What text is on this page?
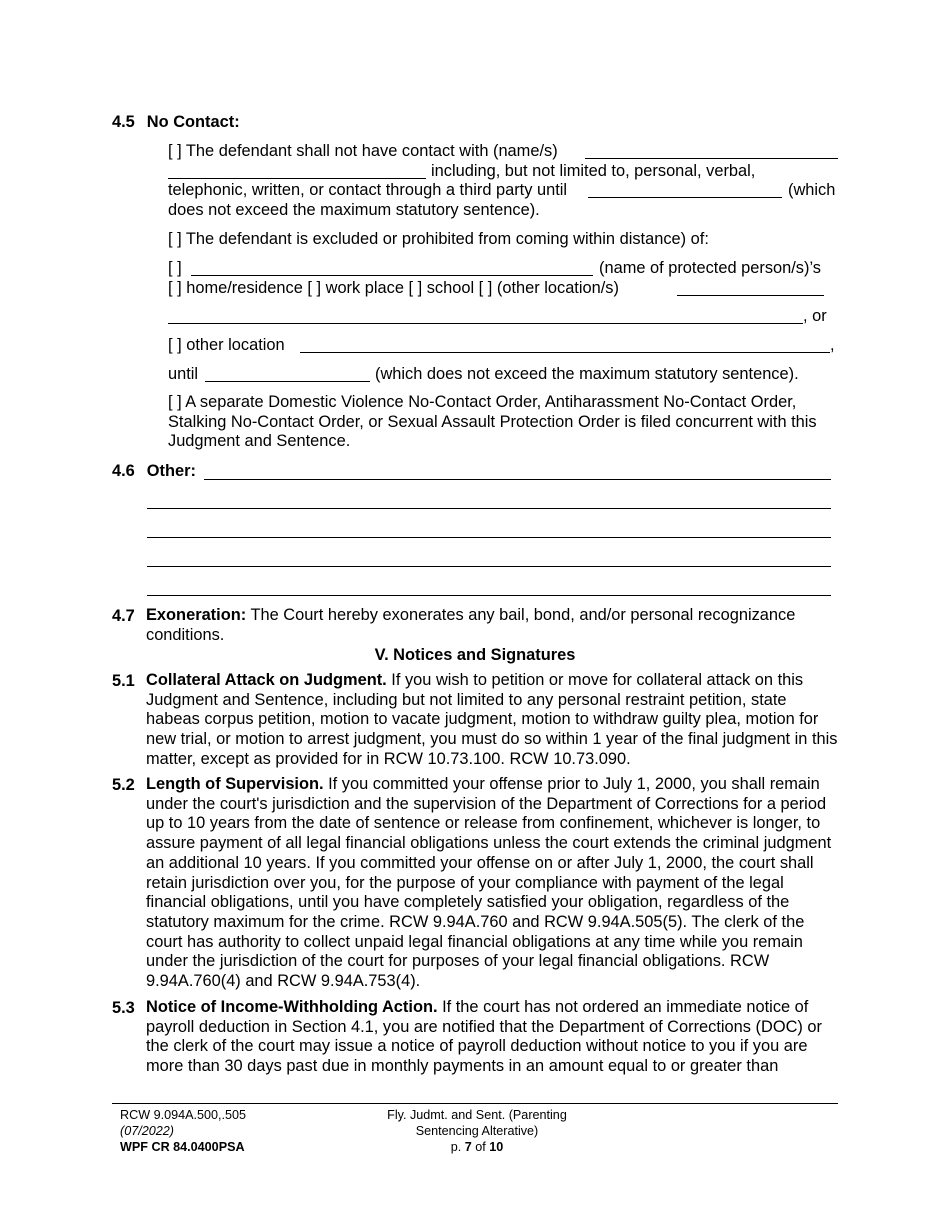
4.5 No Contact:
[ ] The defendant shall not have contact with (name/s)
including, but not limited to, personal, verbal,
telephonic, written, or contact through a third party until	(which
does not exceed the maximum statutory sentence).
[ ] The defendant is excluded or prohibited from coming within distance) of:
[ ]	(name of protected person/s)’s
[ ] home/residence [ ] work place [ ] school [ ] (other location/s)
, or
[ ] other location	,
until	(which does not exceed the maximum statutory sentence).

[ ] A separate Domestic Violence No-Contact Order, Antiharassment No-Contact Order, Stalking No-Contact Order, or Sexual Assault Protection Order is filed concurrent with this Judgment and Sentence.

4.6 Other:
4.7 Exoneration: The Court hereby exonerates any bail, bond, and/or personal recognizance conditions.

V. Notices and Signatures
5.1 Collateral Attack on Judgment. If you wish to petition or move for collateral attack on this Judgment and Sentence, including but not limited to any personal restraint petition, state habeas corpus petition, motion to vacate judgment, motion to withdraw guilty plea, motion for new trial, or motion to arrest judgment, you must do so within 1 year of the final judgment in this matter, except as provided for in RCW 10.73.100. RCW 10.73.090.

5.2 Length of Supervision. If you committed your offense prior to July 1, 2000, you shall remain under the court's jurisdiction and the supervision of the Department of Corrections for a period up to 10 years from the date of sentence or release from confinement, whichever is longer, to assure payment of all legal financial obligations unless the court extends the criminal judgment an additional 10 years. If you committed your offense on or after July 1, 2000, the court shall retain jurisdiction over you, for the purpose of your compliance with payment of the legal financial obligations, until you have completely satisfied your obligation, regardless of the statutory maximum for the crime. RCW 9.94A.760 and RCW 9.94A.505(5). The clerk of the court has authority to collect unpaid legal financial obligations at any time while you remain under the jurisdiction of the court for purposes of your legal financial obligations. RCW 9.94A.760(4) and RCW 9.94A.753(4).

5.3 Notice of Income-Withholding Action. If the court has not ordered an immediate notice of payroll deduction in Section 4.1, you are notified that the Department of Corrections (DOC) or the clerk of the court may issue a notice of payroll deduction without notice to you if you are more than 30 days past due in monthly payments in an amount equal to or greater than

RCW 9.094A.500,.505
(07/2022)
WPF CR 84.0400PSA
Fly. Judmt. and Sent. (Parenting
Sentencing Alterative)
p. 7 of 10
